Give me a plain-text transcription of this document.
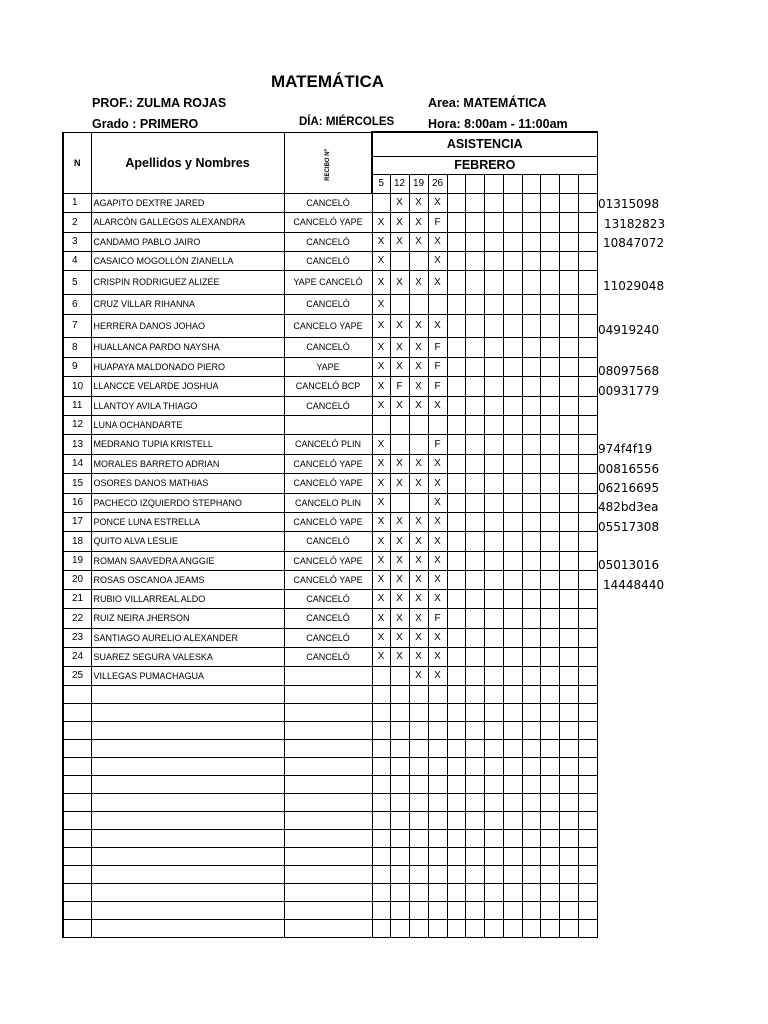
MATEMÁTICA
PROF.: ZULMA ROJAS	Area: MATEMÁTICA
Grado : PRIMERO	DÍA: MIÉRCOLES	Hora: 8:00am - 11:00am
N	Apellidos y Nombres	RECIBO Nº	ASISTENCIA											
			FEBRERO											
			5	12	19	26								
1	AGAPITO DEXTRE JARED	CANCELÓ		X	X	X								
2	ALARCÓN GALLEGOS ALEXANDRA	CANCELÓ YAPE	X	X	X	F								
3	CANDAMO PABLO JAIRO	CANCELÓ	X	X	X	X								
4	CASAICO MOGOLLÓN ZIANELLA	CANCELÓ	X			X								
5	CRISPIN RODRIGUEZ ALIZEE	YAPE CANCELÓ	X	X	X	X								
6	CRUZ VILLAR RIHANNA	CANCELÓ	X											
7	HERRERA DANOS JOHAO	CANCELO YAPE	X	X	X	X								
8	HUALLANCA PARDO NAYSHA	CANCELÓ	X	X	X	F								
9	HUAPAYA MALDONADO PIERO	YAPE	X	X	X	F								
10	LLANCCE VELARDE JOSHUA	CANCELÓ BCP	X	F	X	F								
11	LLANTOY AVILA THIAGO	CANCELÓ	X	X	X	X								
12	LUNA OCHANDARTE													
13	MEDRANO TUPIA KRISTELL	CANCELÓ PLIN	X			F								
14	MORALES BARRETO ADRIAN	CANCELÓ YAPE	X	X	X	X								
15	OSORES DANOS MATHIAS	CANCELÓ YAPE	X	X	X	X								
16	PACHECO IZQUIERDO STEPHANO	CANCELO PLIN	X			X								
17	PONCE LUNA ESTRELLA	CANCELÓ YAPE	X	X	X	X								
18	QUITO ALVA LESLIE	CANCELÓ	X	X	X	X								
19	ROMAN SAAVEDRA ANGGIE	CANCELÓ YAPE	X	X	X	X								
20	ROSAS OSCANOA JEAMS	CANCELÓ YAPE	X	X	X	X								
21	RUBIO VILLARREAL ALDO	CANCELÓ	X	X	X	X								
22	RUIZ NEIRA JHERSON	CANCELÓ	X	X	X	F								
23	SANTIAGO AURELIO ALEXANDER	CANCELÓ	X	X	X	X								
24	SUAREZ SEGURA VALESKA	CANCELÓ	X	X	X	X								
25	VILLEGAS PUMACHAGUA				X	X								

01315098
13182823
10847072
11029048
04919240
08097568
00931779
974f4f19
00816556
06216695
482bd3ea
05517308
05013016
14448440
